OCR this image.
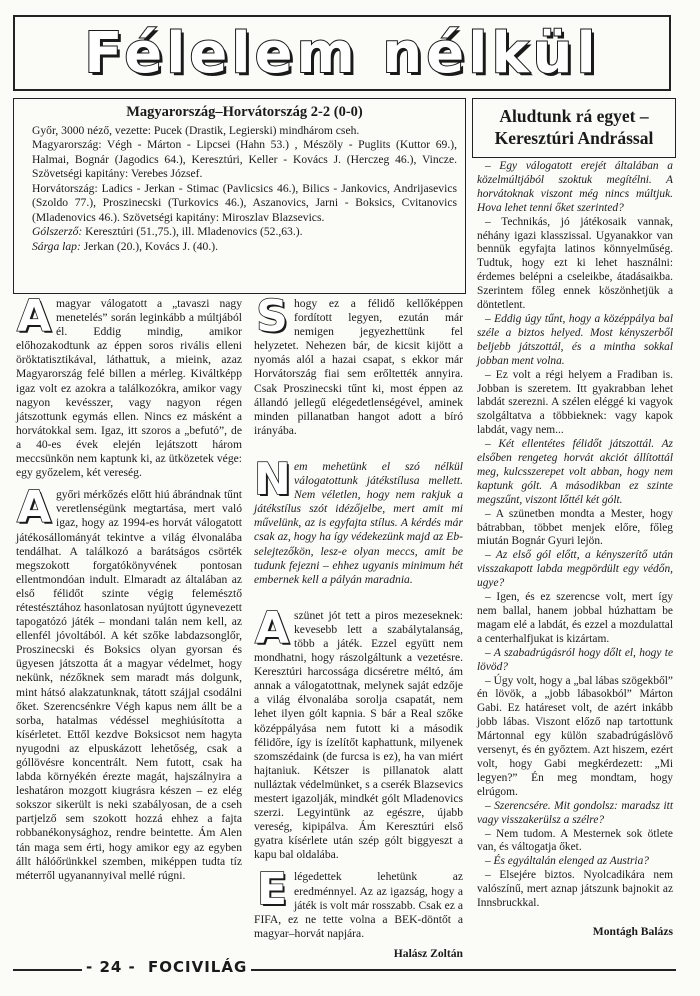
Félelem nélkül
Magyarország–Horvátország 2-2 (0-0)

Győr, 3000 néző, vezette: Pucek (Drastik, Legierski) mindhárom cseh.

Magyarország: Végh - Márton - Lipcsei (Hahn 53.) , Mészöly - Puglits (Kuttor 69.), Halmai, Bognár (Jagodics 64.), Keresztúri, Keller - Kovács J. (Herczeg 46.), Vincze. Szövetségi kapitány: Verebes József.

Horvátország: Ladics - Jerkan - Stimac (Pavlicsics 46.), Bilics - Jankovics, Andrijasevics (Szoldo 77.), Proszinecski (Turkovics 46.), Aszanovics, Jarni - Boksics, Cvitanovics (Mladenovics 46.). Szövetségi kapitány: Miroszlav Blazsevics.

Gólszerző: Keresztúri (51.,75.), ill. Mladenovics (52.,63.).

Sárga lap: Jerkan (20.), Kovács J. (40.).

Amagyar válogatott a „tavaszi nagy menetelés” során leginkább a múltjából él. Eddig mindig, amikor előhozakodtunk az éppen soros rivális elleni öröktatisztikával, láthattuk, a mieink, azaz Magyarország felé billen a mérleg. Kiváltképp igaz volt ez azokra a találkozókra, amikor vagy nagyon kevésszer, vagy nagyon régen játszottunk egymás ellen. Nincs ez másként a horvátokkal sem. Igaz, itt szoros a „befutó”, de a 40-es évek elején lejátszott három meccsünkön nem kaptunk ki, az ütközetek vége: egy győzelem, két vereség.

Agyőri mérkőzés előtt hiú ábrándnak tűnt veretlenségünk megtartása, mert való igaz, hogy az 1994-es horvát válogatott játékosállományát tekintve a világ élvonalába tendálhat. A találkozó a barátságos csörték megszokott forgatókönyvének pontosan ellentmondóan indult. Elmaradt az általában az első félidőt szinte végig felemésztő rétestésztához hasonlatosan nyújtott úgynevezett tapogatózó játék – mondani talán nem kell, az ellenfél jóvoltából. A két szőke labdazsonglőr, Proszinecski és Boksics olyan gyorsan és ügyesen játszotta át a magyar védelmet, hogy nekünk, nézőknek sem maradt más dolgunk, mint hátsó alakzatunknak, tátott szájjal csodálni őket. Szerencsénkre Végh kapus nem állt be a sorba, hatalmas védéssel meghiúsította a kísérletet. Ettől kezdve Boksicsot nem hagyta nyugodni az elpuskázott lehetőség, csak a góllövésre koncentrált. Nem futott, csak ha labda környékén érezte magát, hajszálnyira a leshatáron mozgott kiugrásra készen – ez elég sokszor sikerült is neki szabályosan, de a cseh partjelző sem szokott hozzá ehhez a fajta robbanékonysághoz, rendre beintette. Ám Alen tán maga sem érti, hogy amikor egy az egyben állt hálóőrünkkel szemben, miképpen tudta tíz méterről ugyanannyival mellé rúgni.

Shogy ez a félidő kellőképpen fordított legyen, ezután már nemigen jegyezhettünk fel helyzetet. Nehezen bár, de kicsit kijött a nyomás alól a hazai csapat, s ekkor már Horvátország fiai sem erőltették annyira. Csak Proszinecski tűnt ki, most éppen az állandó jellegű elégedetlenségével, aminek minden pillanatban hangot adott a bíró irányába.

Nem mehetünk el szó nélkül válogatottunk játékstílusa mellett. Nem véletlen, hogy nem rakjuk a játékstílus szót idézőjelbe, mert amit mi művelünk, az is egyfajta stílus. A kérdés már csak az, hogy ha így védekezünk majd az Eb-selejtezőkön, lesz-e olyan meccs, amit be tudunk fejezni – ehhez ugyanis minimum hét embernek kell a pályán maradnia.

Aszünet jót tett a piros mezeseknek: kevesebb lett a szabálytalanság, több a játék. Ezzel együtt nem mondhatni, hogy rászolgáltunk a vezetésre. Keresztúri harcossága dicséretre méltó, ám annak a válogatottnak, melynek saját edzője a világ élvonalába sorolja csapatát, nem lehet ilyen gólt kapnia. S bár a Real szőke középpályása nem futott ki a második félidőre, így is ízelítőt kaphattunk, milyenek szomszédaink (de furcsa is ez), ha van miért hajtaniuk. Kétszer is pillanatok alatt nulláztak védelmünket, s a cserék Blazsevics mestert igazolják, mindkét gólt Mladenovics szerzi. Legyintünk az egészre, újabb vereség, kipipálva. Ám Keresztúri első gyatra kísérlete után szép gólt biggyeszt a kapu bal oldalába.

Elégedettek lehetünk az eredménnyel. Az az igazság, hogy a játék is volt már rosszabb. Csak ez a FIFA, ez ne tette volna a BEK-döntőt a magyar–horvát napjára.

Halász Zoltán
Aludtunk rá egyet – Keresztúri Andrással

– Egy válogatott erejét általában a közelmúltjából szoktuk megítélni. A horvátoknak viszont még nincs múltjuk. Hova lehet tenni őket szerinted?

– Technikás, jó játékosaik vannak, néhány igazi klasszissal. Ugyanakkor van bennük egyfajta latinos könnyelműség. Tudtuk, hogy ezt ki lehet használni: érdemes belépni a cseleikbe, átadásaikba. Szerintem főleg ennek köszönhetjük a döntetlent.

– Eddig úgy tűnt, hogy a középpálya bal széle a biztos helyed. Most kényszerből beljebb játszottál, és a mintha sokkal jobban ment volna.

– Ez volt a régi helyem a Fradiban is. Jobban is szeretem. Itt gyakrabban lehet labdát szerezni. A szélen eléggé ki vagyok szolgáltatva a többieknek: vagy kapok labdát, vagy nem...

– Két ellentétes félidőt játszottál. Az elsőben rengeteg horvát akciót állítottál meg, kulcsszerepet volt abban, hogy nem kaptunk gólt. A másodikban ez szinte megszűnt, viszont lőttél két gólt.

– A szünetben mondta a Mester, hogy bátrabban, többet menjek előre, főleg miután Bognár Gyuri lejön.

– Az első gól előtt, a kényszerítő után visszakapott labda megpördült egy védőn, ugye?

– Igen, és ez szerencse volt, mert így nem ballal, hanem jobbal húzhattam be magam elé a labdát, és ezzel a mozdulattal a centerhalfjukat is kizártam.

– A szabadrúgásról hogy dőlt el, hogy te lövöd?

– Úgy volt, hogy a „bal lábas szögekből” én lövök, a „jobb lábasokból” Márton Gabi. Ez határeset volt, de azért inkább jobb lábas. Viszont előző nap tartottunk Mártonnal egy külön szabadrúgáslövő versenyt, és én győztem. Azt hiszem, ezért volt, hogy Gabi megkérdezett: „Mi legyen?” Én meg mondtam, hogy elrúgom.

– Szerencsére. Mit gondolsz: maradsz itt vagy visszakerülsz a szélre?

– Nem tudom. A Mesternek sok ötlete van, és váltogatja őket.

– És egyáltalán elenged az Austria?

– Elsejére biztos. Nyolcadikára nem valószínű, mert aznap játszunk bajnokit az Innsbruckkal.

Montágh Balázs
- 24 - FOCIVILÁG
